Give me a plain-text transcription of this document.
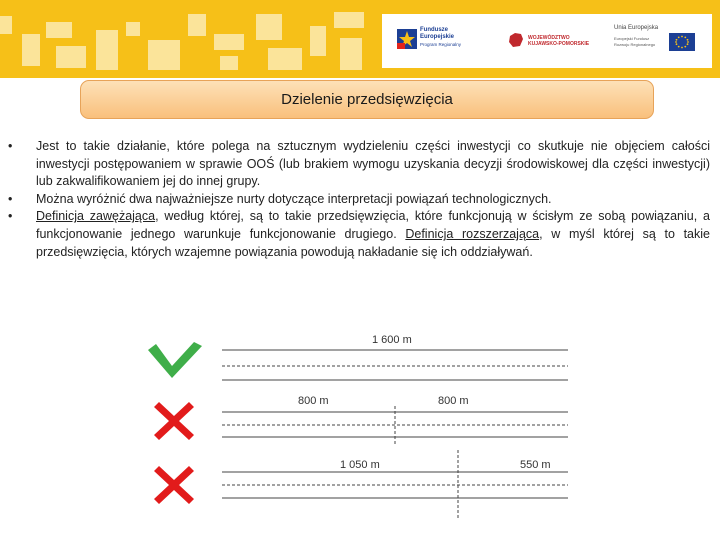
Fundusze
Europejskie
Program Regionalny
WOJEWÓDZTWO
KUJAWSKO-POMORSKIE
Unia Europejska
Europejski Fundusz
Rozwoju Regionalnego
Dzielenie przedsięwzięcia
• Jest to takie działanie, które polega na sztucznym wydzieleniu części inwestycji co skutkuje nie objęciem całości inwestycji postępowaniem w sprawie OOŚ (lub brakiem wymogu uzyskania decyzji środowiskowej dla części inwestycji) lub zakwalifikowaniem jej do innej grupy.
• Można wyróżnić dwa najważniejsze nurty dotyczące interpretacji powiązań technologicznych.
• Definicja zawężająca, według której, są to takie przedsięwzięcia, które funkcjonują w ścisłym ze sobą powiązaniu, a funkcjonowanie jednego warunkuje funkcjonowanie drugiego. Definicja rozszerzająca, w myśl której są to takie przedsięwzięcia, których wzajemne powiązania powodują nakładanie się ich oddziaływań.
1 600 m
800 m	800 m
1 050 m	550 m
